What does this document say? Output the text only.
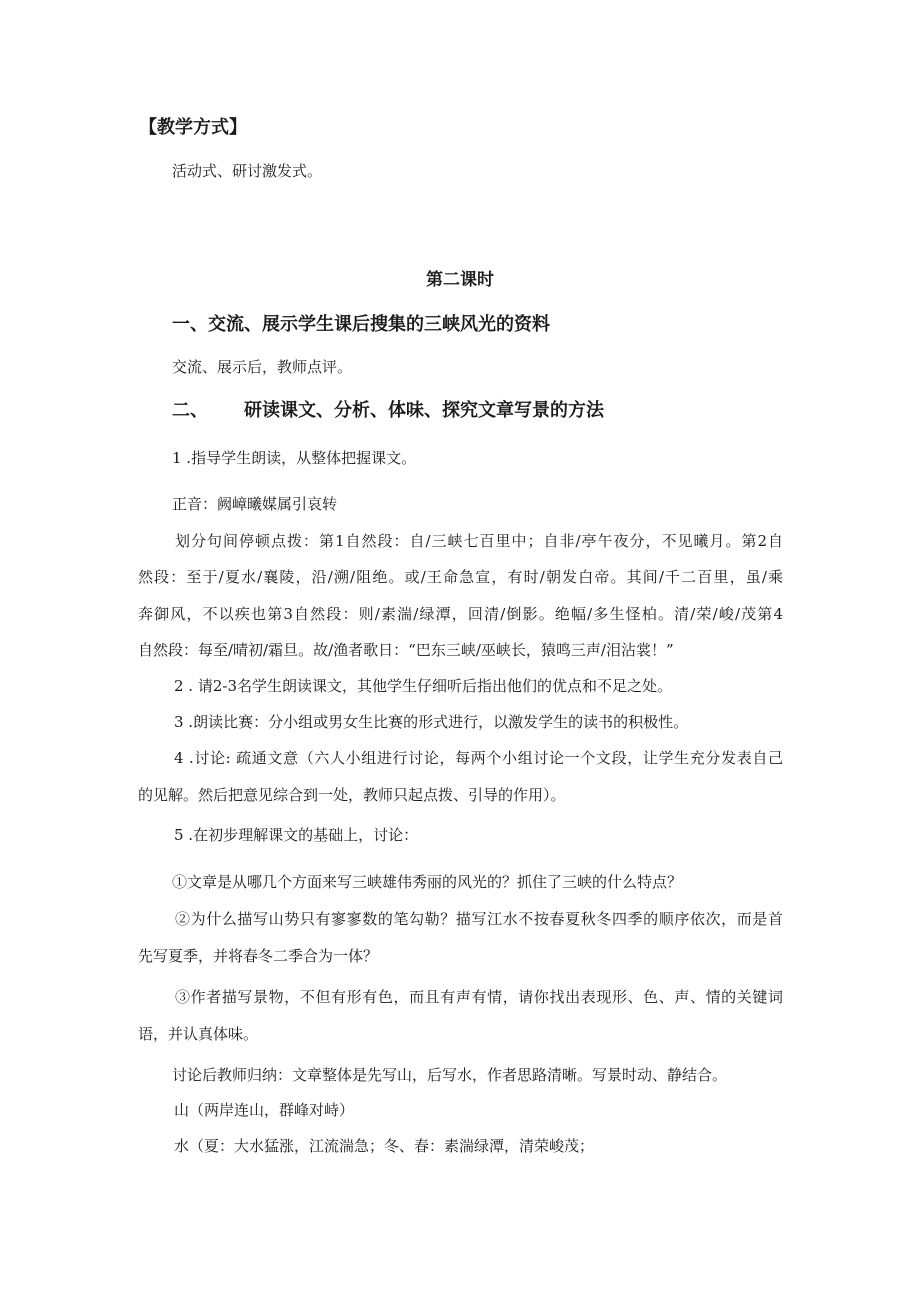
【教学方式】
活动式、研讨激发式。
第二课时
一、交流、展示学生课后搜集的三峡风光的资料
交流、展示后，教师点评。
二、 研读课文、分析、体味、探究文章写景的方法
1 .指导学生朗读，从整体把握课文。
正音：阙嶂曦媒属引哀转
划分句间停顿点拨：第1自然段：自/三峡七百里中；自非/亭午夜分，不见曦月。第2自
然段：至于/夏水/襄陵，沿/溯/阻绝。或/王命急宣，有时/朝发白帝。其间/千二百里，虽/乘
奔御风，不以疾也第3自然段：则/素湍/绿潭，回清/倒影。绝幅/多生怪柏。清/荣/峻/茂第4
自然段：每至/晴初/霜旦。故/渔者歌日：“巴东三峡/巫峡长，猿鸣三声/泪沾裳！”
2 . 请2-3名学生朗读课文，其他学生仔细听后指出他们的优点和不足之处。
3 .朗读比赛：分小组或男女生比赛的形式进行，以激发学生的读书的积极性。
4 .讨论: 疏通文意（六人小组进行讨论，每两个小组讨论一个文段，让学生充分发表自己
的见解。然后把意见综合到一处，教师只起点拨、引导的作用）。
5 .在初步理解课文的基础上，讨论：
①文章是从哪几个方面来写三峡雄伟秀丽的风光的？抓住了三峡的什么特点？
②为什么描写山势只有寥寥数的笔勾勒？描写江水不按春夏秋冬四季的顺序依次，而是首
先写夏季，并将春冬二季合为一体？
③作者描写景物，不但有形有色，而且有声有情，请你找出表现形、色、声、情的关键词
语，并认真体味。
讨论后教师归纳：文章整体是先写山，后写水，作者思路清晰。写景时动、静结合。
山（两岸连山，群峰对峙）
水（夏：大水猛涨，江流湍急；冬、春：素湍绿潭，清荣峻茂；
